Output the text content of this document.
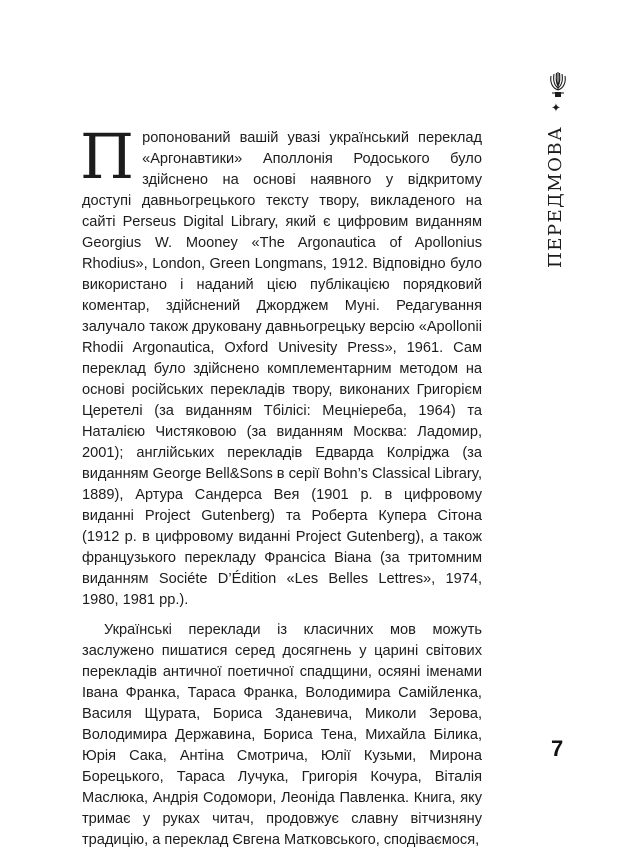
ПЕРЕДМОВА ✦

П ропонований вашій увазі український переклад «Аргонавтики» Аполлонія Родоського було здійснено на основі наявного у відкритому доступі давньогрецького тексту твору, викладеного на сайті Perseus Digital Library, який є цифровим виданням Georgius W. Mooney «The Argonautica of Apollonius Rhodius», London, Green Longmans, 1912. Відповідно було використано і наданий цією публікацією порядковий коментар, здійснений Джорджем Муні. Редагування залучало також друковану давньогрецьку версію «Apollonii Rhodii Argonautica, Oxford Univesity Press», 1961. Сам переклад було здійснено комплементарним методом на основі російських перекладів твору, виконаних Григорієм Церетелі (за виданням Тбілісі: Мецніереба, 1964) та Наталією Чистяковою (за виданням Москва: Ладомир, 2001); англійських перекладів Едварда Колріджа (за виданням George Bell&Sons в серії Bohn’s Classical Library, 1889), Артура Сандерса Вея (1901 р. в цифровому виданні Project Gutenberg) та Роберта Купера Сітона (1912 р. в цифровому виданні Project Gutenberg), а також французького перекладу Франсіса Віана (за тритомним виданням Sociéte D’Édition «Les Belles Lettres», 1974, 1980, 1981 рр.).

Українські переклади із класичних мов можуть заслужено пишатися серед досягнень у царині світових перекладів античної поетичної спадщини, осяяні іменами Івана Франка, Тараса Франка, Володимира Самійленка, Василя Щурата, Бориса Зданевича, Миколи Зерова, Володимира Державина, Бориса Тена, Михайла Білика, Юрія Сака, Антіна Смотрича, Юлії Кузьми, Мирона Борецького, Тараса Лучука, Григорія Кочура, Віталія Маслюка, Андрія Содомори, Леоніда Павленка. Книга, яку тримає у руках читач, продовжує славну вітчизняну традицію, а переклад Євгена Матковського, сподіваємося,

7
